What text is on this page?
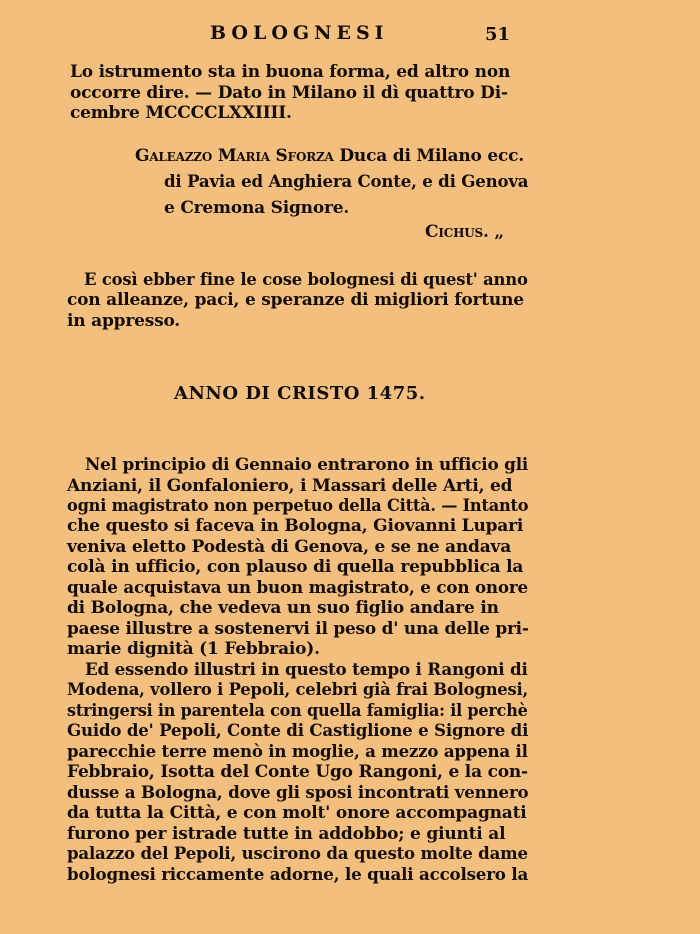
BOLOGNESI	51
Lo istrumento sta in buona forma, ed altro non
occorre dire. — Dato in Milano il dì quattro Di-
cembre MCCCCLXXIIII.
Galeazzo Maria Sforza Duca di Milano ecc.
di Pavia ed Anghiera Conte, e di Genova
e Cremona Signore.
Cichus. „
E così ebber fine le cose bolognesi di quest' anno
con alleanze, paci, e speranze di migliori fortune
in appresso.
ANNO DI CRISTO 1475.
Nel principio di Gennaio entrarono in ufficio gli
Anziani, il Gonfaloniero, i Massari delle Arti, ed
ogni magistrato non perpetuo della Città. — Intanto
che questo si faceva in Bologna, Giovanni Lupari
veniva eletto Podestà di Genova, e se ne andava
colà in ufficio, con plauso di quella repubblica la
quale acquistava un buon magistrato, e con onore
di Bologna, che vedeva un suo figlio andare in
paese illustre a sostenervi il peso d' una delle pri-
marie dignità (1 Febbraio).
Ed essendo illustri in questo tempo i Rangoni di
Modena, vollero i Pepoli, celebri già frai Bolognesi,
stringersi in parentela con quella famiglia: il perchè
Guido de' Pepoli, Conte di Castiglione e Signore di
parecchie terre menò in moglie, a mezzo appena il
Febbraio, Isotta del Conte Ugo Rangoni, e la con-
dusse a Bologna, dove gli sposi incontrati vennero
da tutta la Città, e con molt' onore accompagnati
furono per istrade tutte in addobbo; e giunti al
palazzo del Pepoli, uscirono da questo molte dame
bolognesi riccamente adorne, le quali accolsero la
